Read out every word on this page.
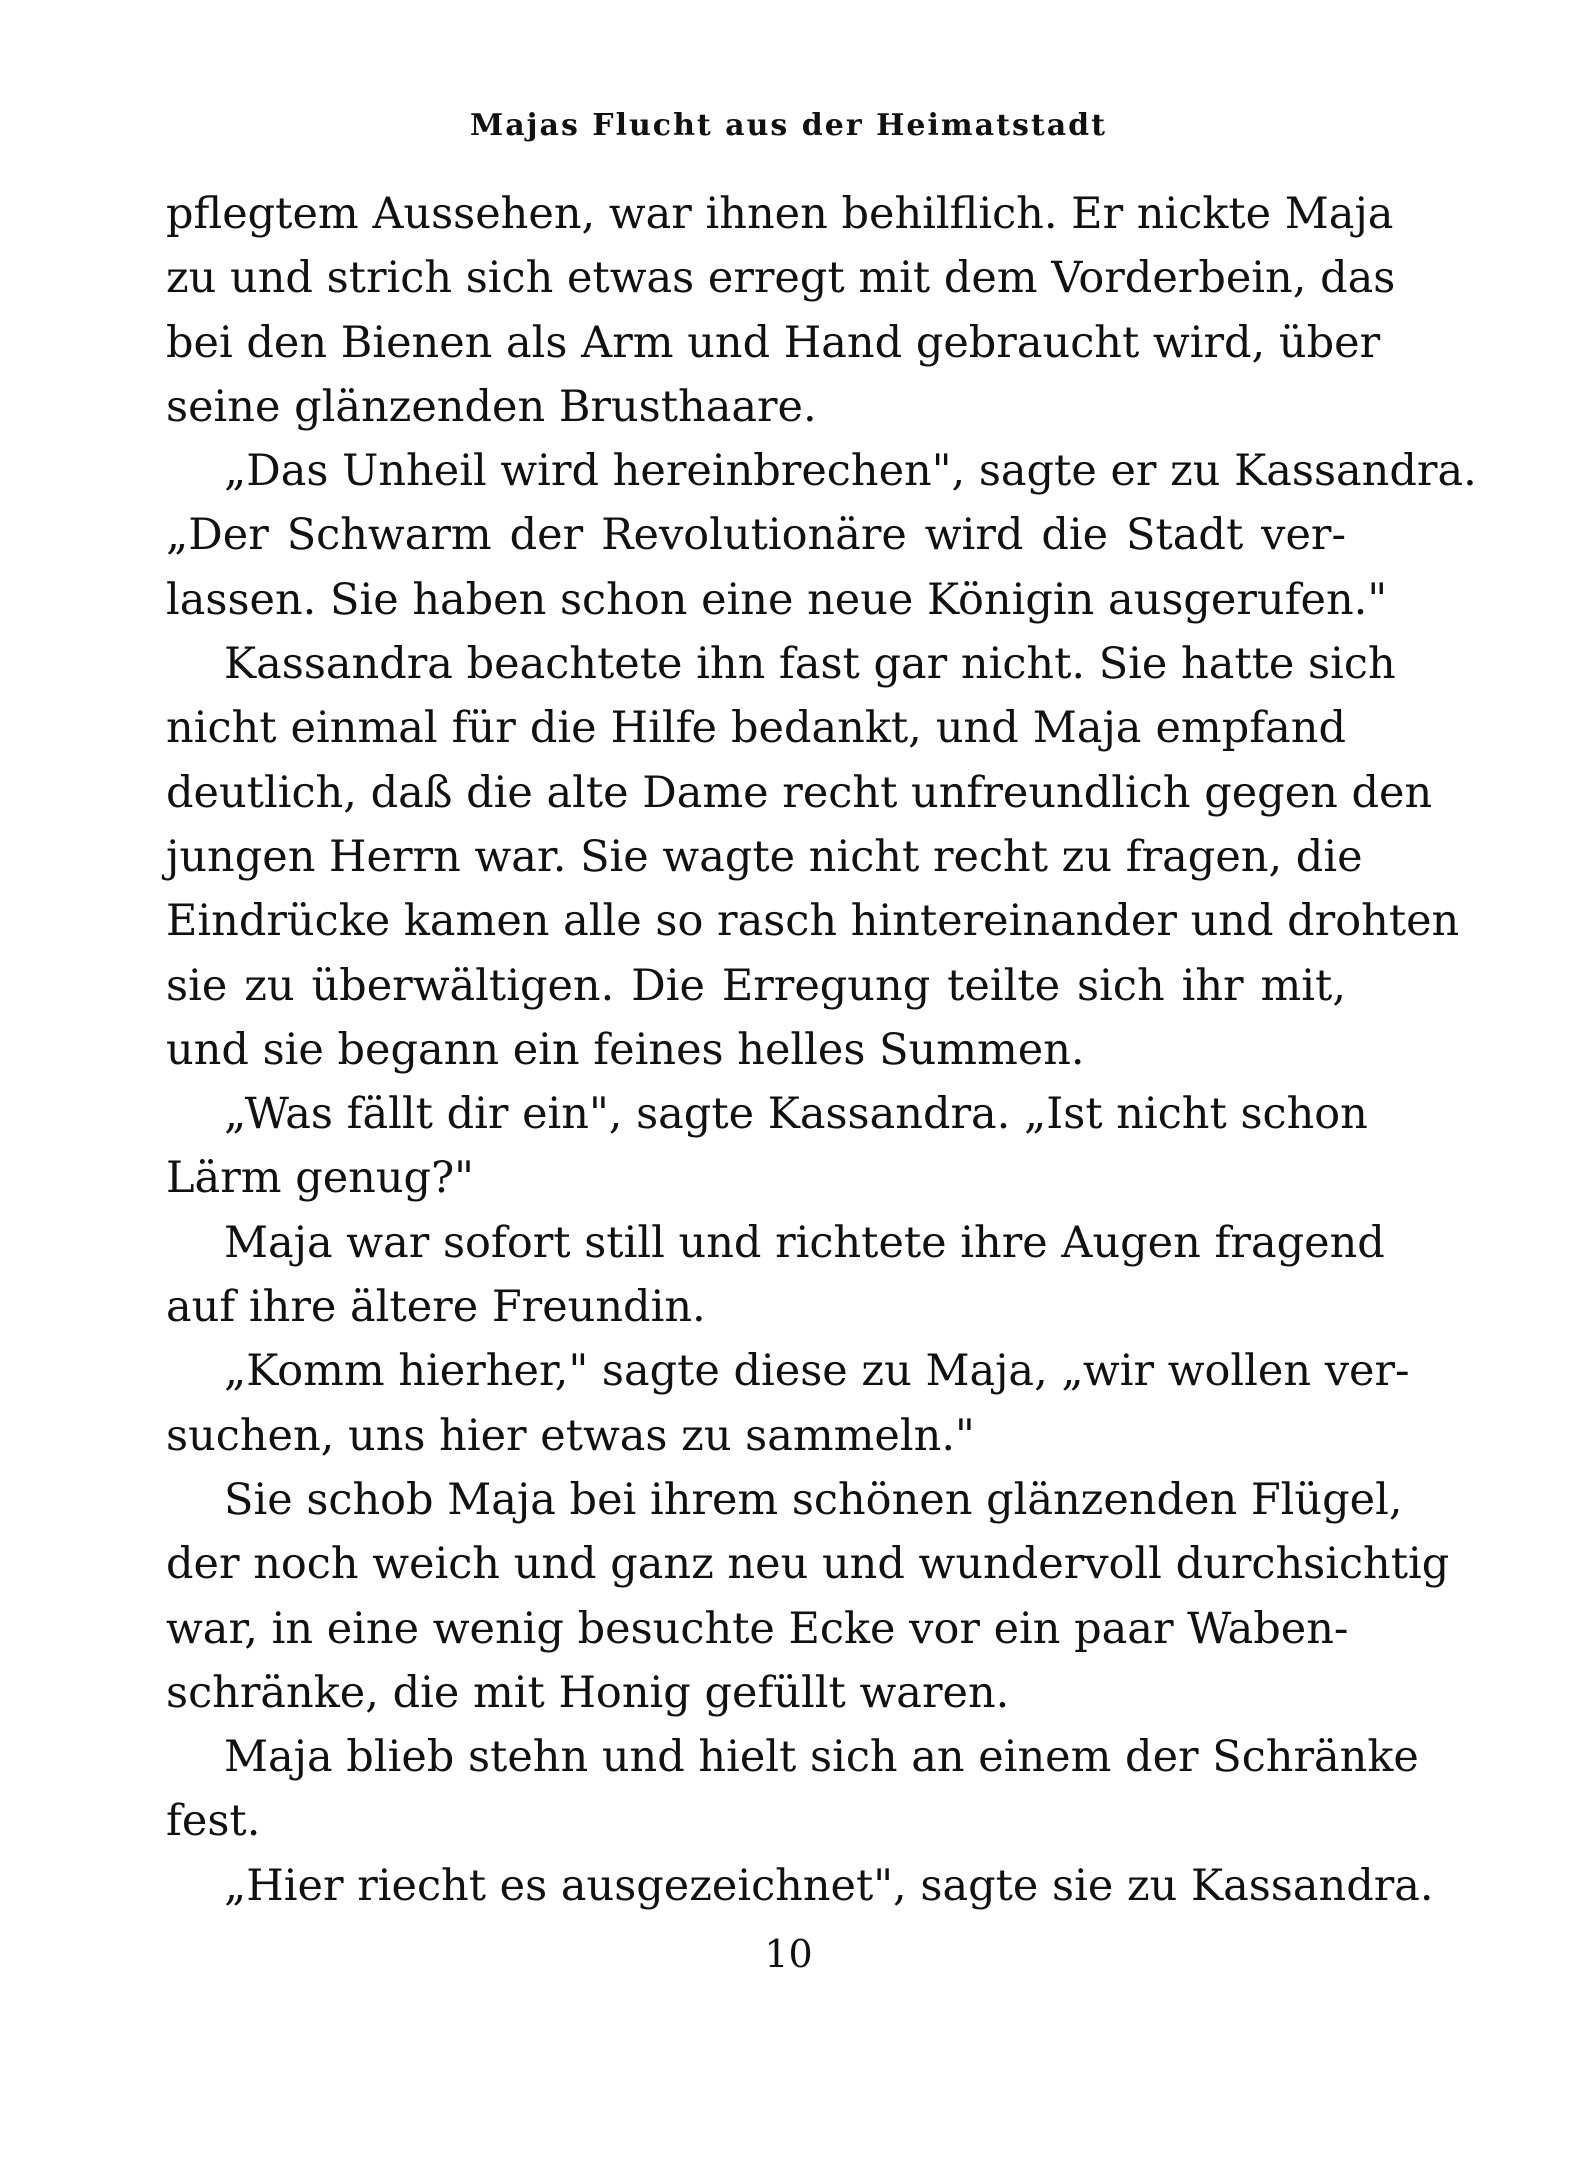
Majas Flucht aus der Heimatstadt
pflegtem Aussehen, war ihnen behilflich. Er nickte Maja
zu und strich sich etwas erregt mit dem Vorderbein, das
bei den Bienen als Arm und Hand gebraucht wird, über
seine glänzenden Brusthaare.
„Das Unheil wird hereinbrechen", sagte er zu Kassandra.
„Der Schwarm der Revolutionäre wird die Stadt ver-
lassen. Sie haben schon eine neue Königin ausgerufen."
Kassandra beachtete ihn fast gar nicht. Sie hatte sich
nicht einmal für die Hilfe bedankt, und Maja empfand
deutlich, daß die alte Dame recht unfreundlich gegen den
jungen Herrn war. Sie wagte nicht recht zu fragen, die
Eindrücke kamen alle so rasch hintereinander und drohten
sie zu überwältigen. Die Erregung teilte sich ihr mit,
und sie begann ein feines helles Summen.
„Was fällt dir ein", sagte Kassandra. „Ist nicht schon
Lärm genug?"
Maja war sofort still und richtete ihre Augen fragend
auf ihre ältere Freundin.
„Komm hierher," sagte diese zu Maja, „wir wollen ver-
suchen, uns hier etwas zu sammeln."
Sie schob Maja bei ihrem schönen glänzenden Flügel,
der noch weich und ganz neu und wundervoll durchsichtig
war, in eine wenig besuchte Ecke vor ein paar Waben-
schränke, die mit Honig gefüllt waren.
Maja blieb stehn und hielt sich an einem der Schränke
fest.
„Hier riecht es ausgezeichnet", sagte sie zu Kassandra.
10
